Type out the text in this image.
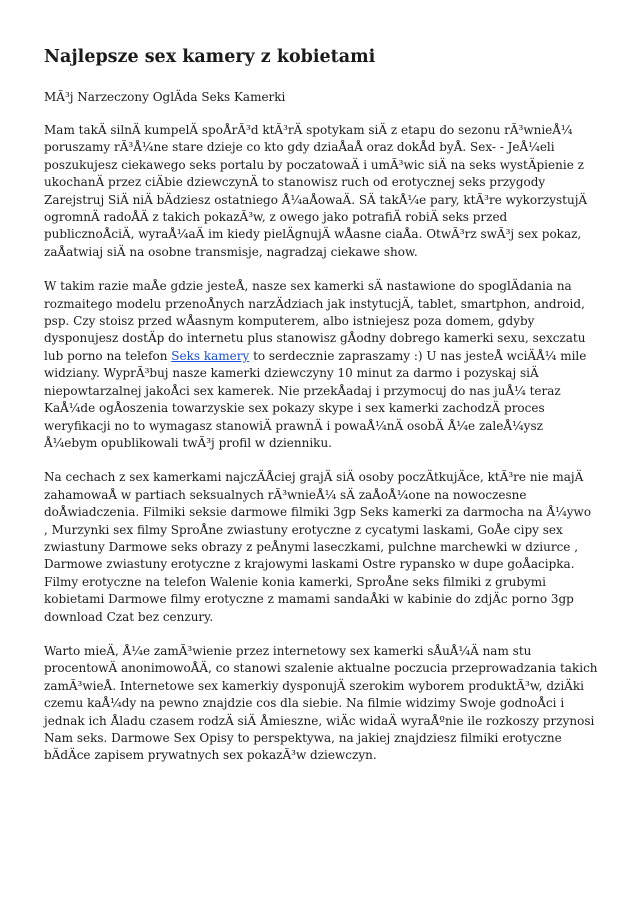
Najlepsze sex kamery z kobietami
MÃ³j Narzeczony OglÄda Seks Kamerki

Mam takÄ silnÄ kumpelÄ spoÅrÃ³d ktÃ³rÄ spotykam siÄ z etapu do sezonu rÃ³wnieÅ¼ poruszamy rÃ³Å¼ne stare dzieje co kto gdy dziaÅaÅ oraz dokÅd byÅ. Sex- - JeÅ¼eli poszukujesz ciekawego seks portalu by poczatowaÄ i umÃ³wic siÄ na seks wystÄpienie z ukochanÄ przez ciÄbie dziewczynÄ to stanowisz ruch od erotycznej seks przygody Zarejstruj SiÄ niÄ bÄdziesz ostatniego Å¼aÅowaÄ. SÄ takÅ¼e pary, ktÃ³re wykorzystujÄ ogromnÄ radoÅÄ z takich pokazÃ³w, z owego jako potrafiÄ robiÄ seks przed publicznoÅciÄ, wyraÅ¼aÄ im kiedy pielÄgnujÄ wÅasne ciaÅa. OtwÃ³rz swÃ³j sex pokaz, zaÅatwiaj siÄ na osobne transmisje, nagradzaj ciekawe show.

W takim razie maÅe gdzie jesteÅ, nasze sex kamerki sÄ nastawione do spoglÄdania na rozmaitego modelu przenoÅnych narzÄdziach jak instytucjÄ, tablet, smartphon, android, psp. Czy stoisz przed wÅasnym komputerem, albo istniejesz poza domem, gdyby dysponujesz dostÄp do internetu plus stanowisz gÅodny dobrego kamerki sexu, sexczatu lub porno na telefon Seks kamery to serdecznie zapraszamy :) U nas jesteÅ wciÄÅ¼ mile widziany. WyprÃ³buj nasze kamerki dziewczyny 10 minut za darmo i pozyskaj siÄ niepowtarzalnej jakoÅci sex kamerek. Nie przekÅadaj i przymocuj do nas juÅ¼ teraz KaÅ¼de ogÅoszenia towarzyskie sex pokazy skype i sex kamerki zachodzÄ proces weryfikacji no to wymagasz stanowiÄ prawnÄ i powaÅ¼nÄ osobÄ Å¼e zaleÅ¼ysz Å¼ebym opublikowali twÃ³j profil w dzienniku.

Na cechach z sex kamerkami najczÄÅciej grajÄ siÄ osoby poczÄtkujÄce, ktÃ³re nie majÄ zahamowaÅ w partiach seksualnych rÃ³wnieÅ¼ sÄ zaÅoÅ¼one na nowoczesne doÅwiadczenia. Filmiki seksie darmowe filmiki 3gp Seks kamerki za darmocha na Å¼ywo , Murzynki sex filmy SproÅne zwiastuny erotyczne z cycatymi laskami, GoÅe cipy sex zwiastuny Darmowe seks obrazy z peÅnymi laseczkami, pulchne marchewki w dziurce , Darmowe zwiastuny erotyczne z krajowymi laskami Ostre rypansko w dupe goÅacipka. Filmy erotyczne na telefon Walenie konia kamerki, SproÅne seks filmiki z grubymi kobietami Darmowe filmy erotyczne z mamami sandaÅki w kabinie do zdjÄc porno 3gp download Czat bez cenzury.

Warto mieÄ, Å¼e zamÃ³wienie przez internetowy sex kamerki sÅuÅ¼Ä nam stu procentowÄ anonimowoÅÄ, co stanowi szalenie aktualne poczucia przeprowadzania takich zamÃ³wieÅ. Internetowe sex kamerkiy dysponujÄ szerokim wyborem produktÃ³w, dziÄki czemu kaÅ¼dy na pewno znajdzie cos dla siebie. Na filmie widzimy Swoje godnoÅci i jednak ich Åladu czasem rodzÄ siÄ Åmieszne, wiÄc widaÄ wyraÅºnie ile rozkoszy przynosi Nam seks. Darmowe Sex Opisy to perspektywa, na jakiej znajdziesz filmiki erotyczne bÄdÄce zapisem prywatnych sex pokazÃ³w dziewczyn.
